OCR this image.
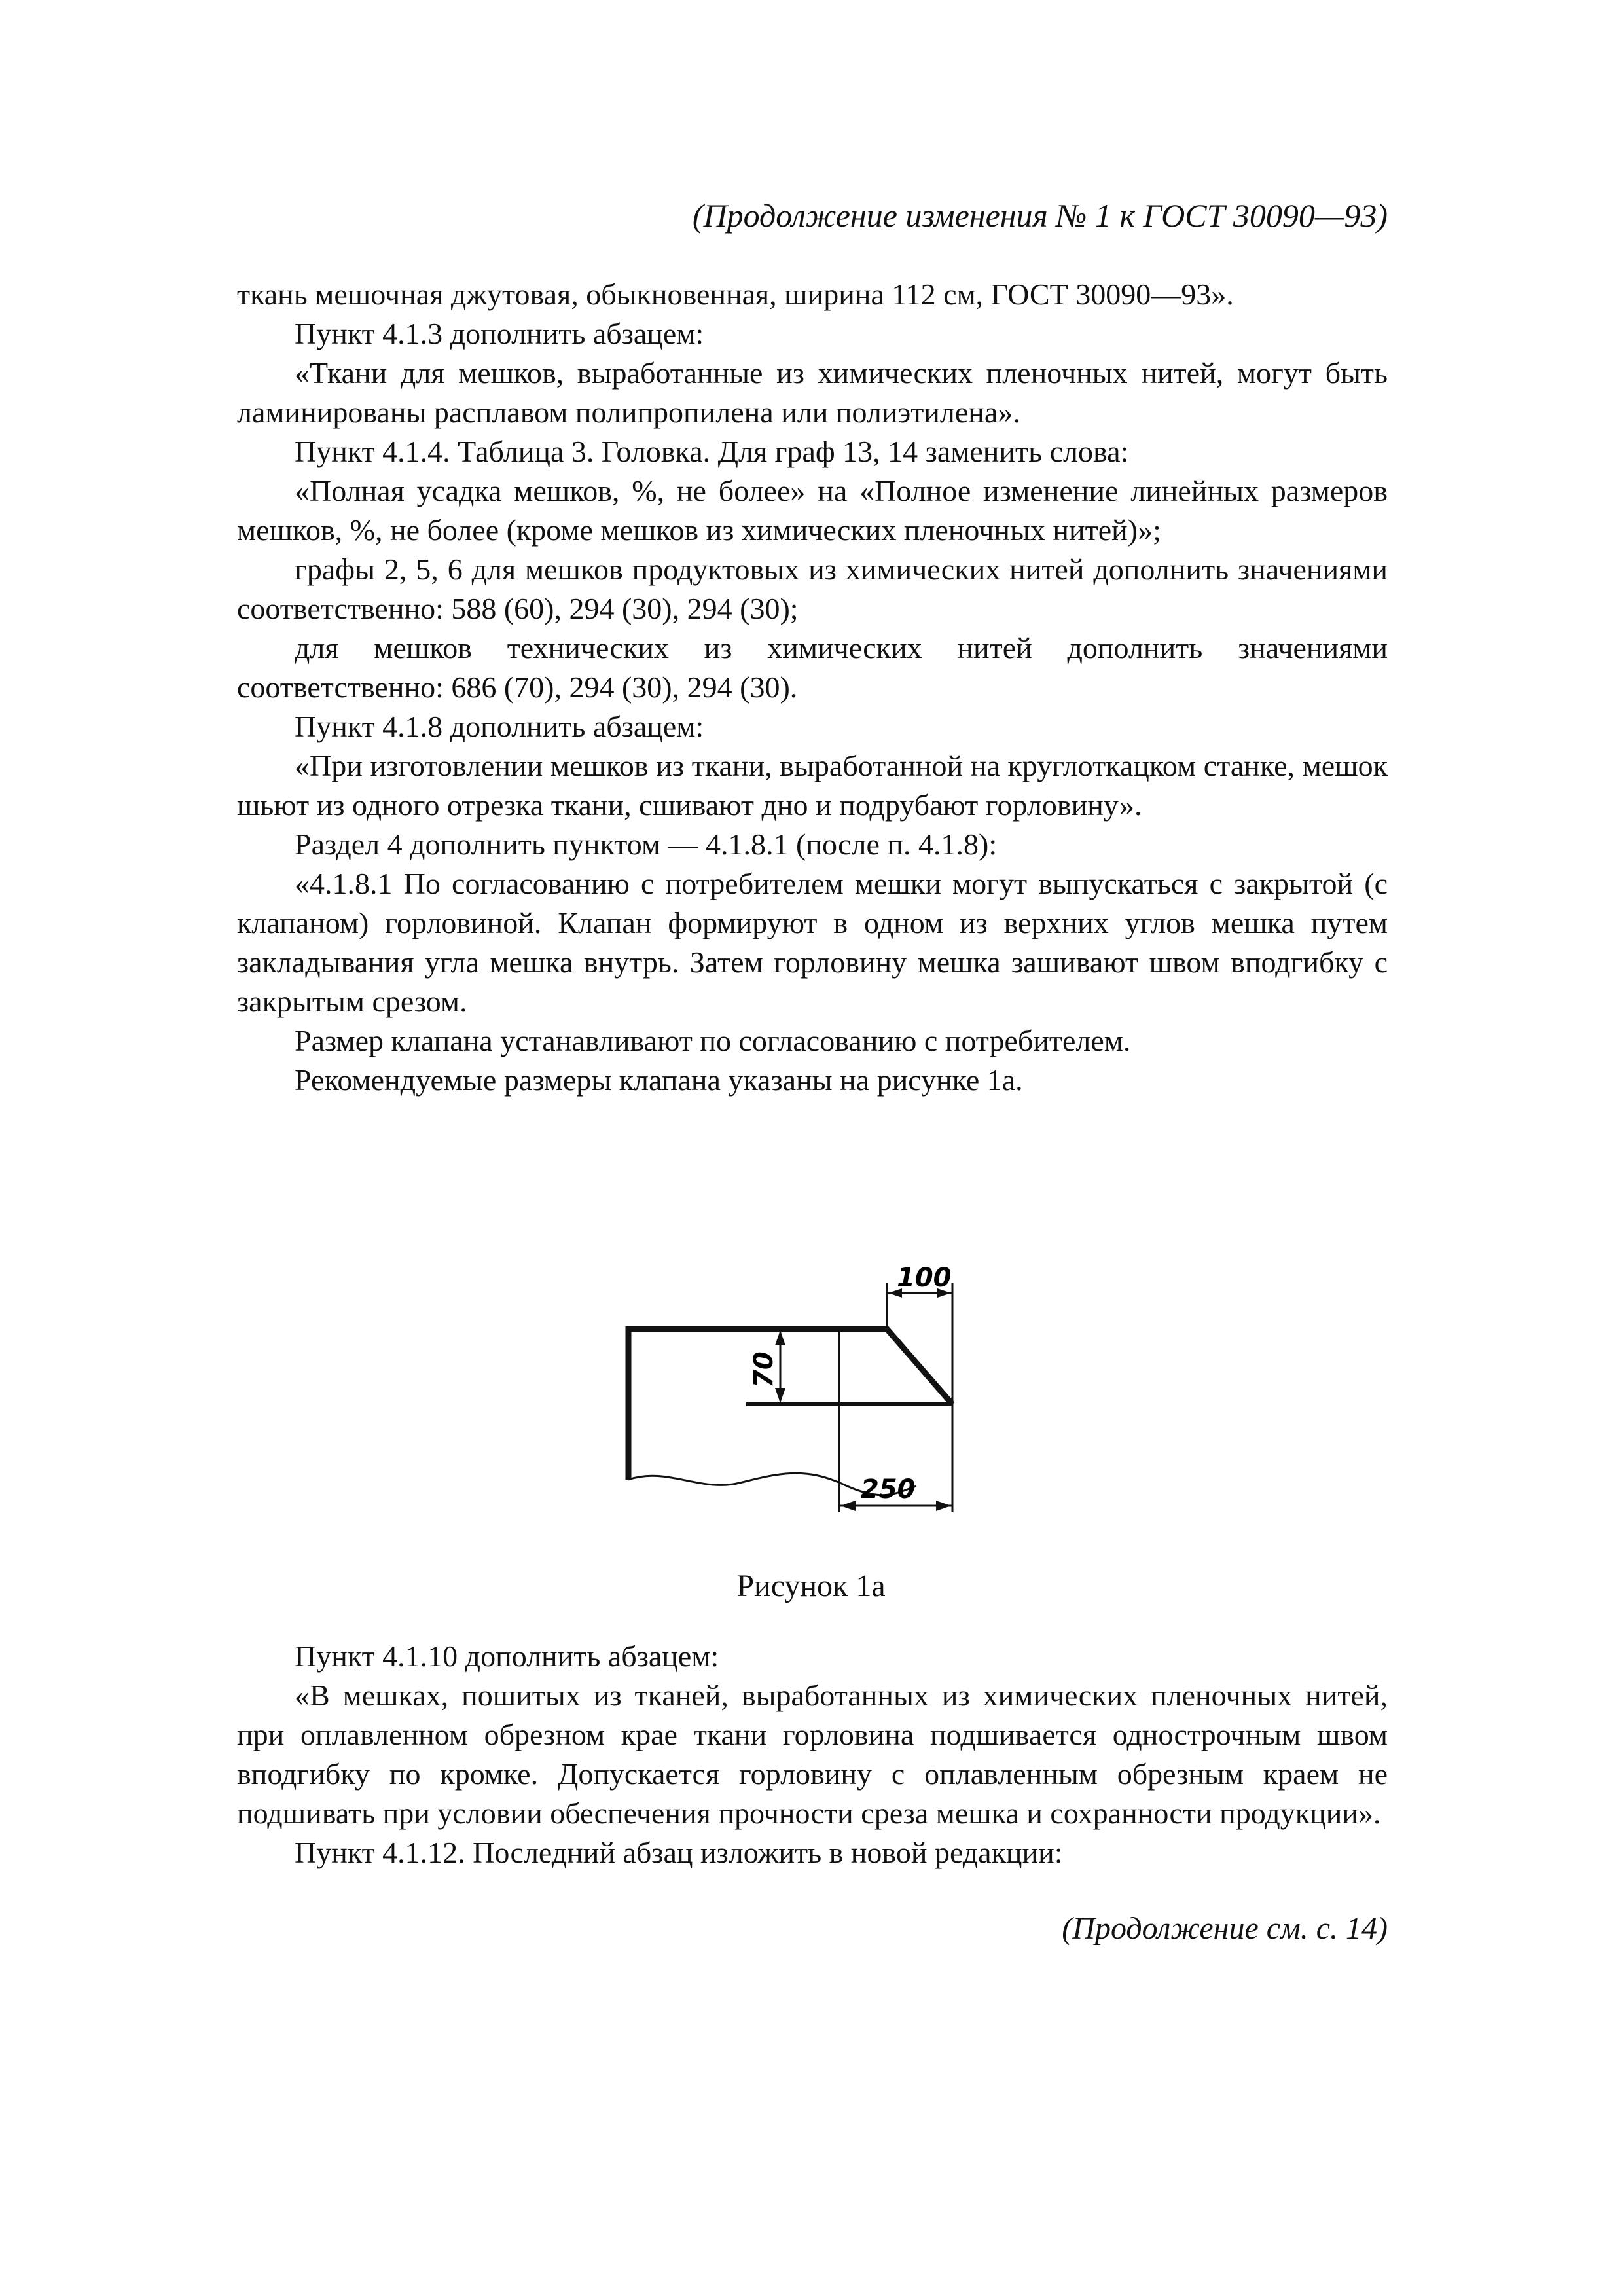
(Продолжение изменения № 1 к ГОСТ 30090—93)

ткань мешочная джутовая, обыкновенная, ширина 112 см, ГОСТ 30090—93».

Пункт 4.1.3 дополнить абзацем:

«Ткани для мешков, выработанные из химических пленочных нитей, могут быть ламинированы расплавом полипропилена или полиэтилена».

Пункт 4.1.4. Таблица 3. Головка. Для граф 13, 14 заменить слова:

«Полная усадка мешков, %, не более» на «Полное изменение линейных размеров мешков, %, не более (кроме мешков из химических пленочных нитей)»;

графы 2, 5, 6 для мешков продуктовых из химических нитей дополнить значениями соответственно: 588 (60), 294 (30), 294 (30);

для мешков технических из химических нитей дополнить значениями соответственно: 686 (70), 294 (30), 294 (30).

Пункт 4.1.8 дополнить абзацем:

«При изготовлении мешков из ткани, выработанной на круглоткацком станке, мешок шьют из одного отрезка ткани, сшивают дно и подрубают горловину».

Раздел 4 дополнить пунктом — 4.1.8.1 (после п. 4.1.8):

«4.1.8.1 По согласованию с потребителем мешки могут выпускаться с закрытой (с клапаном) горловиной. Клапан формируют в одном из верхних углов мешка путем закладывания угла мешка внутрь. Затем горловину мешка зашивают швом вподгибку с закрытым срезом.

Размер клапана устанавливают по согласованию с потребителем.

Рекомендуемые размеры клапана указаны на рисунке 1а.

100
70
250
Рисунок 1а

Пункт 4.1.10 дополнить абзацем:

«В мешках, пошитых из тканей, выработанных из химических пленочных нитей, при оплавленном обрезном крае ткани горловина подшивается однострочным швом вподгибку по кромке. Допускается горловину с оплавленным обрезным краем не подшивать при условии обеспечения прочности среза мешка и сохранности продукции».

Пункт 4.1.12. Последний абзац изложить в новой редакции:

(Продолжение см. с. 14)
